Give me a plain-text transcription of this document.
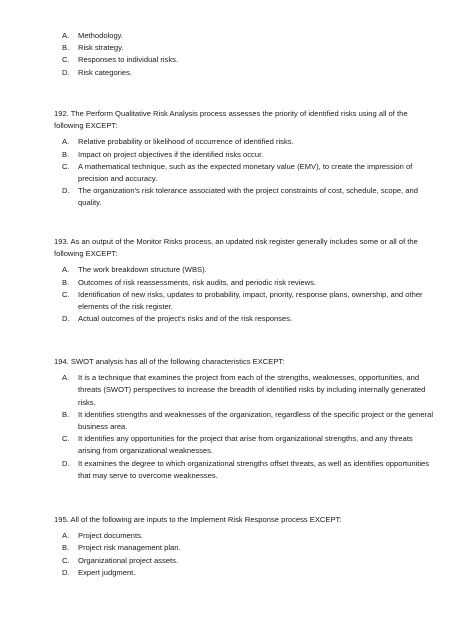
A. Methodology.
B. Risk strategy.
C. Responses to individual risks.
D. Risk categories.

192. The Perform Qualitative Risk Analysis process assesses the priority of identified risks using all of the following EXCEPT:

A. Relative probability or likelihood of occurrence of identified risks.
B. Impact on project objectives if the identified risks occur.
C. A mathematical technique, such as the expected monetary value (EMV), to create the impression of precision and accuracy.
D. The organization's risk tolerance associated with the project constraints of cost, schedule, scope, and quality.

193. As an output of the Monitor Risks process, an updated risk register generally includes some or all of the following EXCEPT:

A. The work breakdown structure (WBS).
B. Outcomes of risk reassessments, risk audits, and periodic risk reviews.
C. Identification of new risks, updates to probability, impact, priority, response plans, ownership, and other elements of the risk register.
D. Actual outcomes of the project's risks and of the risk responses.

194. SWOT analysis has all of the following characteristics EXCEPT:

A. It is a technique that examines the project from each of the strengths, weaknesses, opportunities, and threats (SWOT) perspectives to increase the breadth of identified risks by including internally generated risks.
B. It identifies strengths and weaknesses of the organization, regardless of the specific project or the general business area.
C. It identifies any opportunities for the project that arise from organizational strengths, and any threats arising from organizational weaknesses.
D. It examines the degree to which organizational strengths offset threats, as well as identifies opportunities that may serve to overcome weaknesses.

195. All of the following are inputs to the Implement Risk Response process EXCEPT:

A. Project documents.
B. Project risk management plan.
C. Organizational project assets.
D. Expert judgment.
